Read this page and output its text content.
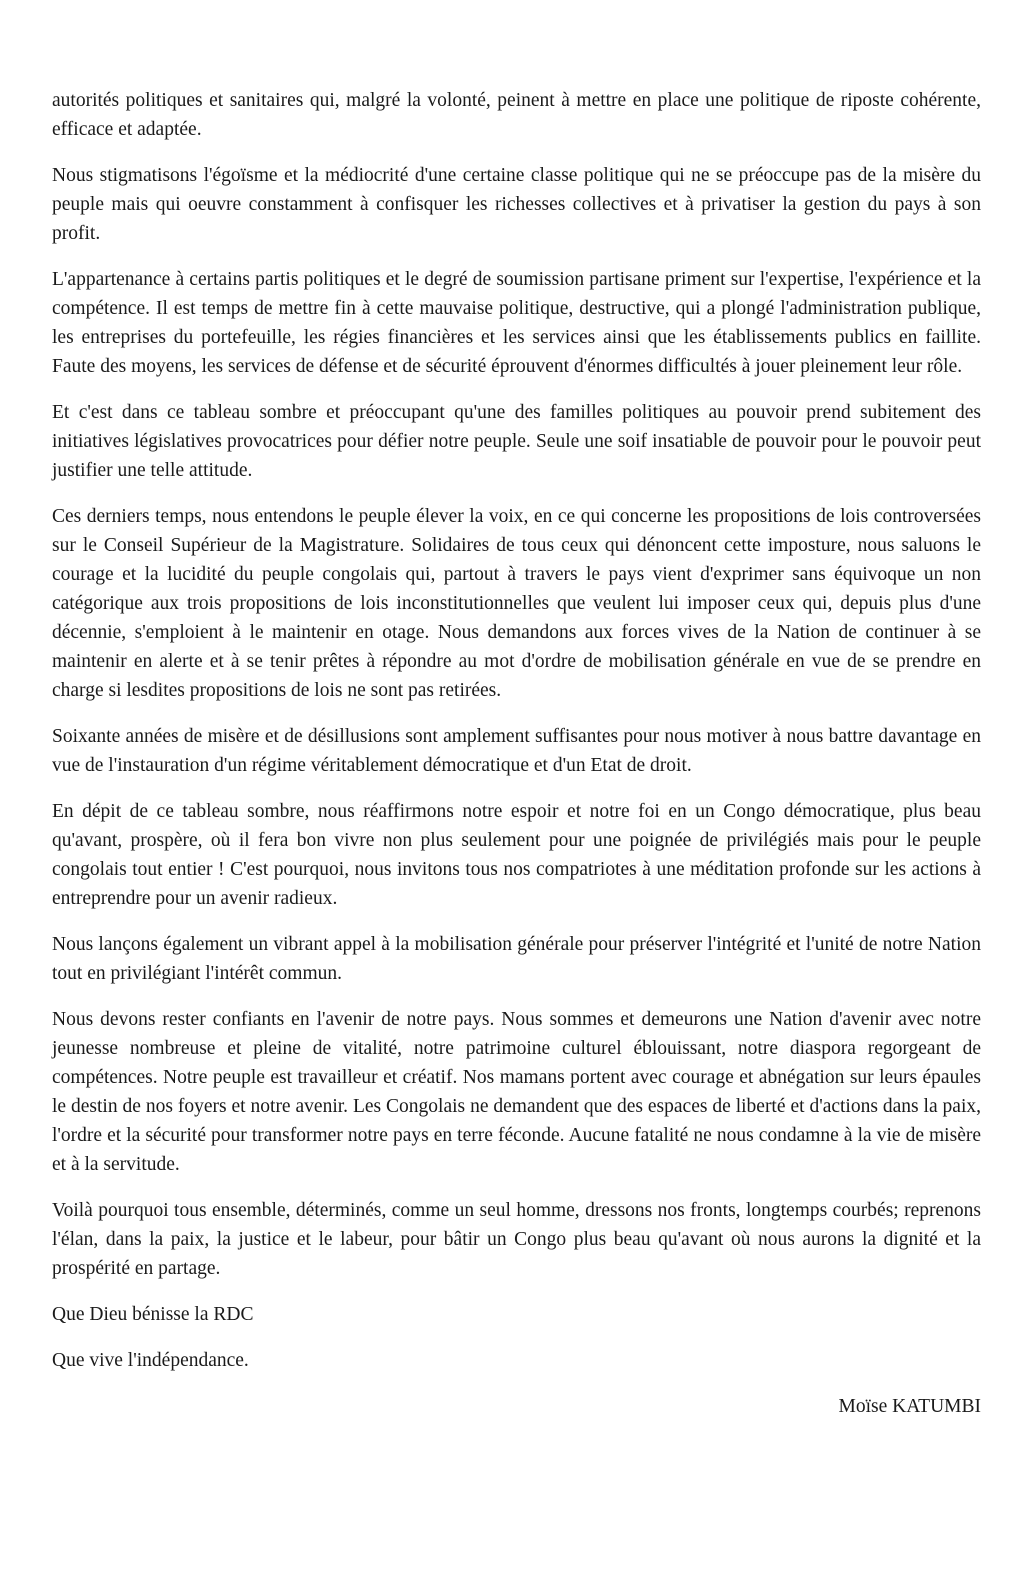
autorités politiques et sanitaires qui, malgré la volonté, peinent à mettre en place une politique de riposte cohérente, efficace et adaptée.

Nous stigmatisons l'égoïsme et la médiocrité d'une certaine classe politique qui ne se préoccupe pas de la misère du peuple mais qui oeuvre constamment à confisquer les richesses collectives et à privatiser la gestion du pays à son profit.

L'appartenance à certains partis politiques et le degré de soumission partisane priment sur l'expertise, l'expérience et la compétence. Il est temps de mettre fin à cette mauvaise politique, destructive, qui a plongé l'administration publique, les entreprises du portefeuille, les régies financières et les services ainsi que les établissements publics en faillite. Faute des moyens, les services de défense et de sécurité éprouvent d'énormes difficultés à jouer pleinement leur rôle.

Et c'est dans ce tableau sombre et préoccupant qu'une des familles politiques au pouvoir prend subitement des initiatives législatives provocatrices pour défier notre peuple. Seule une soif insatiable de pouvoir pour le pouvoir peut justifier une telle attitude.

Ces derniers temps, nous entendons le peuple élever la voix, en ce qui concerne les propositions de lois controversées sur le Conseil Supérieur de la Magistrature. Solidaires de tous ceux qui dénoncent cette imposture, nous saluons le courage et la lucidité du peuple congolais qui, partout à travers le pays vient d'exprimer sans équivoque un non catégorique aux trois propositions de lois inconstitutionnelles que veulent lui imposer ceux qui, depuis plus d'une décennie, s'emploient à le maintenir en otage. Nous demandons aux forces vives de la Nation de continuer à se maintenir en alerte et à se tenir prêtes à répondre au mot d'ordre de mobilisation générale en vue de se prendre en charge si lesdites propositions de lois ne sont pas retirées.

Soixante années de misère et de désillusions sont amplement suffisantes pour nous motiver à nous battre davantage en vue de l'instauration d'un régime véritablement démocratique et d'un Etat de droit.

En dépit de ce tableau sombre, nous réaffirmons notre espoir et notre foi en un Congo démocratique, plus beau qu'avant, prospère, où il fera bon vivre non plus seulement pour une poignée de privilégiés mais pour le peuple congolais tout entier ! C'est pourquoi, nous invitons tous nos compatriotes à une méditation profonde sur les actions à entreprendre pour un avenir radieux.

Nous lançons également un vibrant appel à la mobilisation générale pour préserver l'intégrité et l'unité de notre Nation tout en privilégiant l'intérêt commun.

Nous devons rester confiants en l'avenir de notre pays. Nous sommes et demeurons une Nation d'avenir avec notre jeunesse nombreuse et pleine de vitalité, notre patrimoine culturel éblouissant, notre diaspora regorgeant de compétences. Notre peuple est travailleur et créatif. Nos mamans portent avec courage et abnégation sur leurs épaules le destin de nos foyers et notre avenir. Les Congolais ne demandent que des espaces de liberté et d'actions dans la paix, l'ordre et la sécurité pour transformer notre pays en terre féconde. Aucune fatalité ne nous condamne à la vie de misère et à la servitude.

Voilà pourquoi tous ensemble, déterminés, comme un seul homme, dressons nos fronts, longtemps courbés; reprenons l'élan, dans la paix, la justice et le labeur, pour bâtir un Congo plus beau qu'avant où nous aurons la dignité et la prospérité en partage.

Que Dieu bénisse la RDC

Que vive l'indépendance.

Moïse KATUMBI
